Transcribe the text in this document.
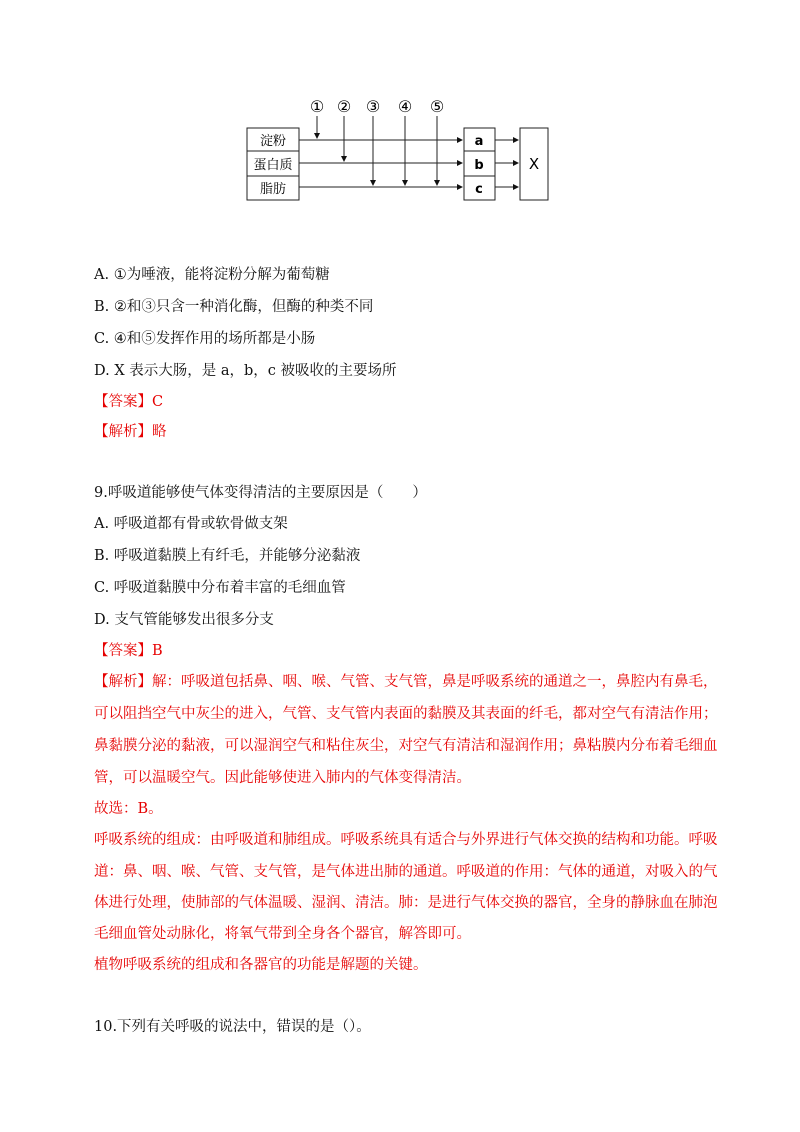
① ② ③ ④ ⑤
淀粉
蛋白质
脂肪
a
b
c
X
A. ①为唾液，能将淀粉分解为葡萄糖
B. ②和③只含一种消化酶，但酶的种类不同
C. ④和⑤发挥作用的场所都是小肠
D. X 表示大肠，是 a，b，c 被吸收的主要场所
【答案】C
【解析】略
9.呼吸道能够使气体变得清洁的主要原因是（　　）
A. 呼吸道都有骨或软骨做支架
B. 呼吸道黏膜上有纤毛，并能够分泌黏液
C. 呼吸道黏膜中分布着丰富的毛细血管
D. 支气管能够发出很多分支
【答案】B
【解析】解：呼吸道包括鼻、咽、喉、气管、支气管，鼻是呼吸系统的通道之一，鼻腔内有鼻毛，
可以阻挡空气中灰尘的进入，气管、支气管内表面的黏膜及其表面的纤毛，都对空气有清洁作用；
鼻黏膜分泌的黏液，可以湿润空气和粘住灰尘，对空气有清洁和湿润作用；鼻粘膜内分布着毛细血
管，可以温暖空气。因此能够使进入肺内的气体变得清洁。
故选：B。
呼吸系统的组成：由呼吸道和肺组成。呼吸系统具有适合与外界进行气体交换的结构和功能。呼吸
道：鼻、咽、喉、气管、支气管，是气体进出肺的通道。呼吸道的作用：气体的通道，对吸入的气
体进行处理，使肺部的气体温暖、湿润、清洁。肺：是进行气体交换的器官，全身的静脉血在肺泡
毛细血管处动脉化，将氧气带到全身各个器官，解答即可。
植物呼吸系统的组成和各器官的功能是解题的关键。
10.下列有关呼吸的说法中，错误的是（）。
